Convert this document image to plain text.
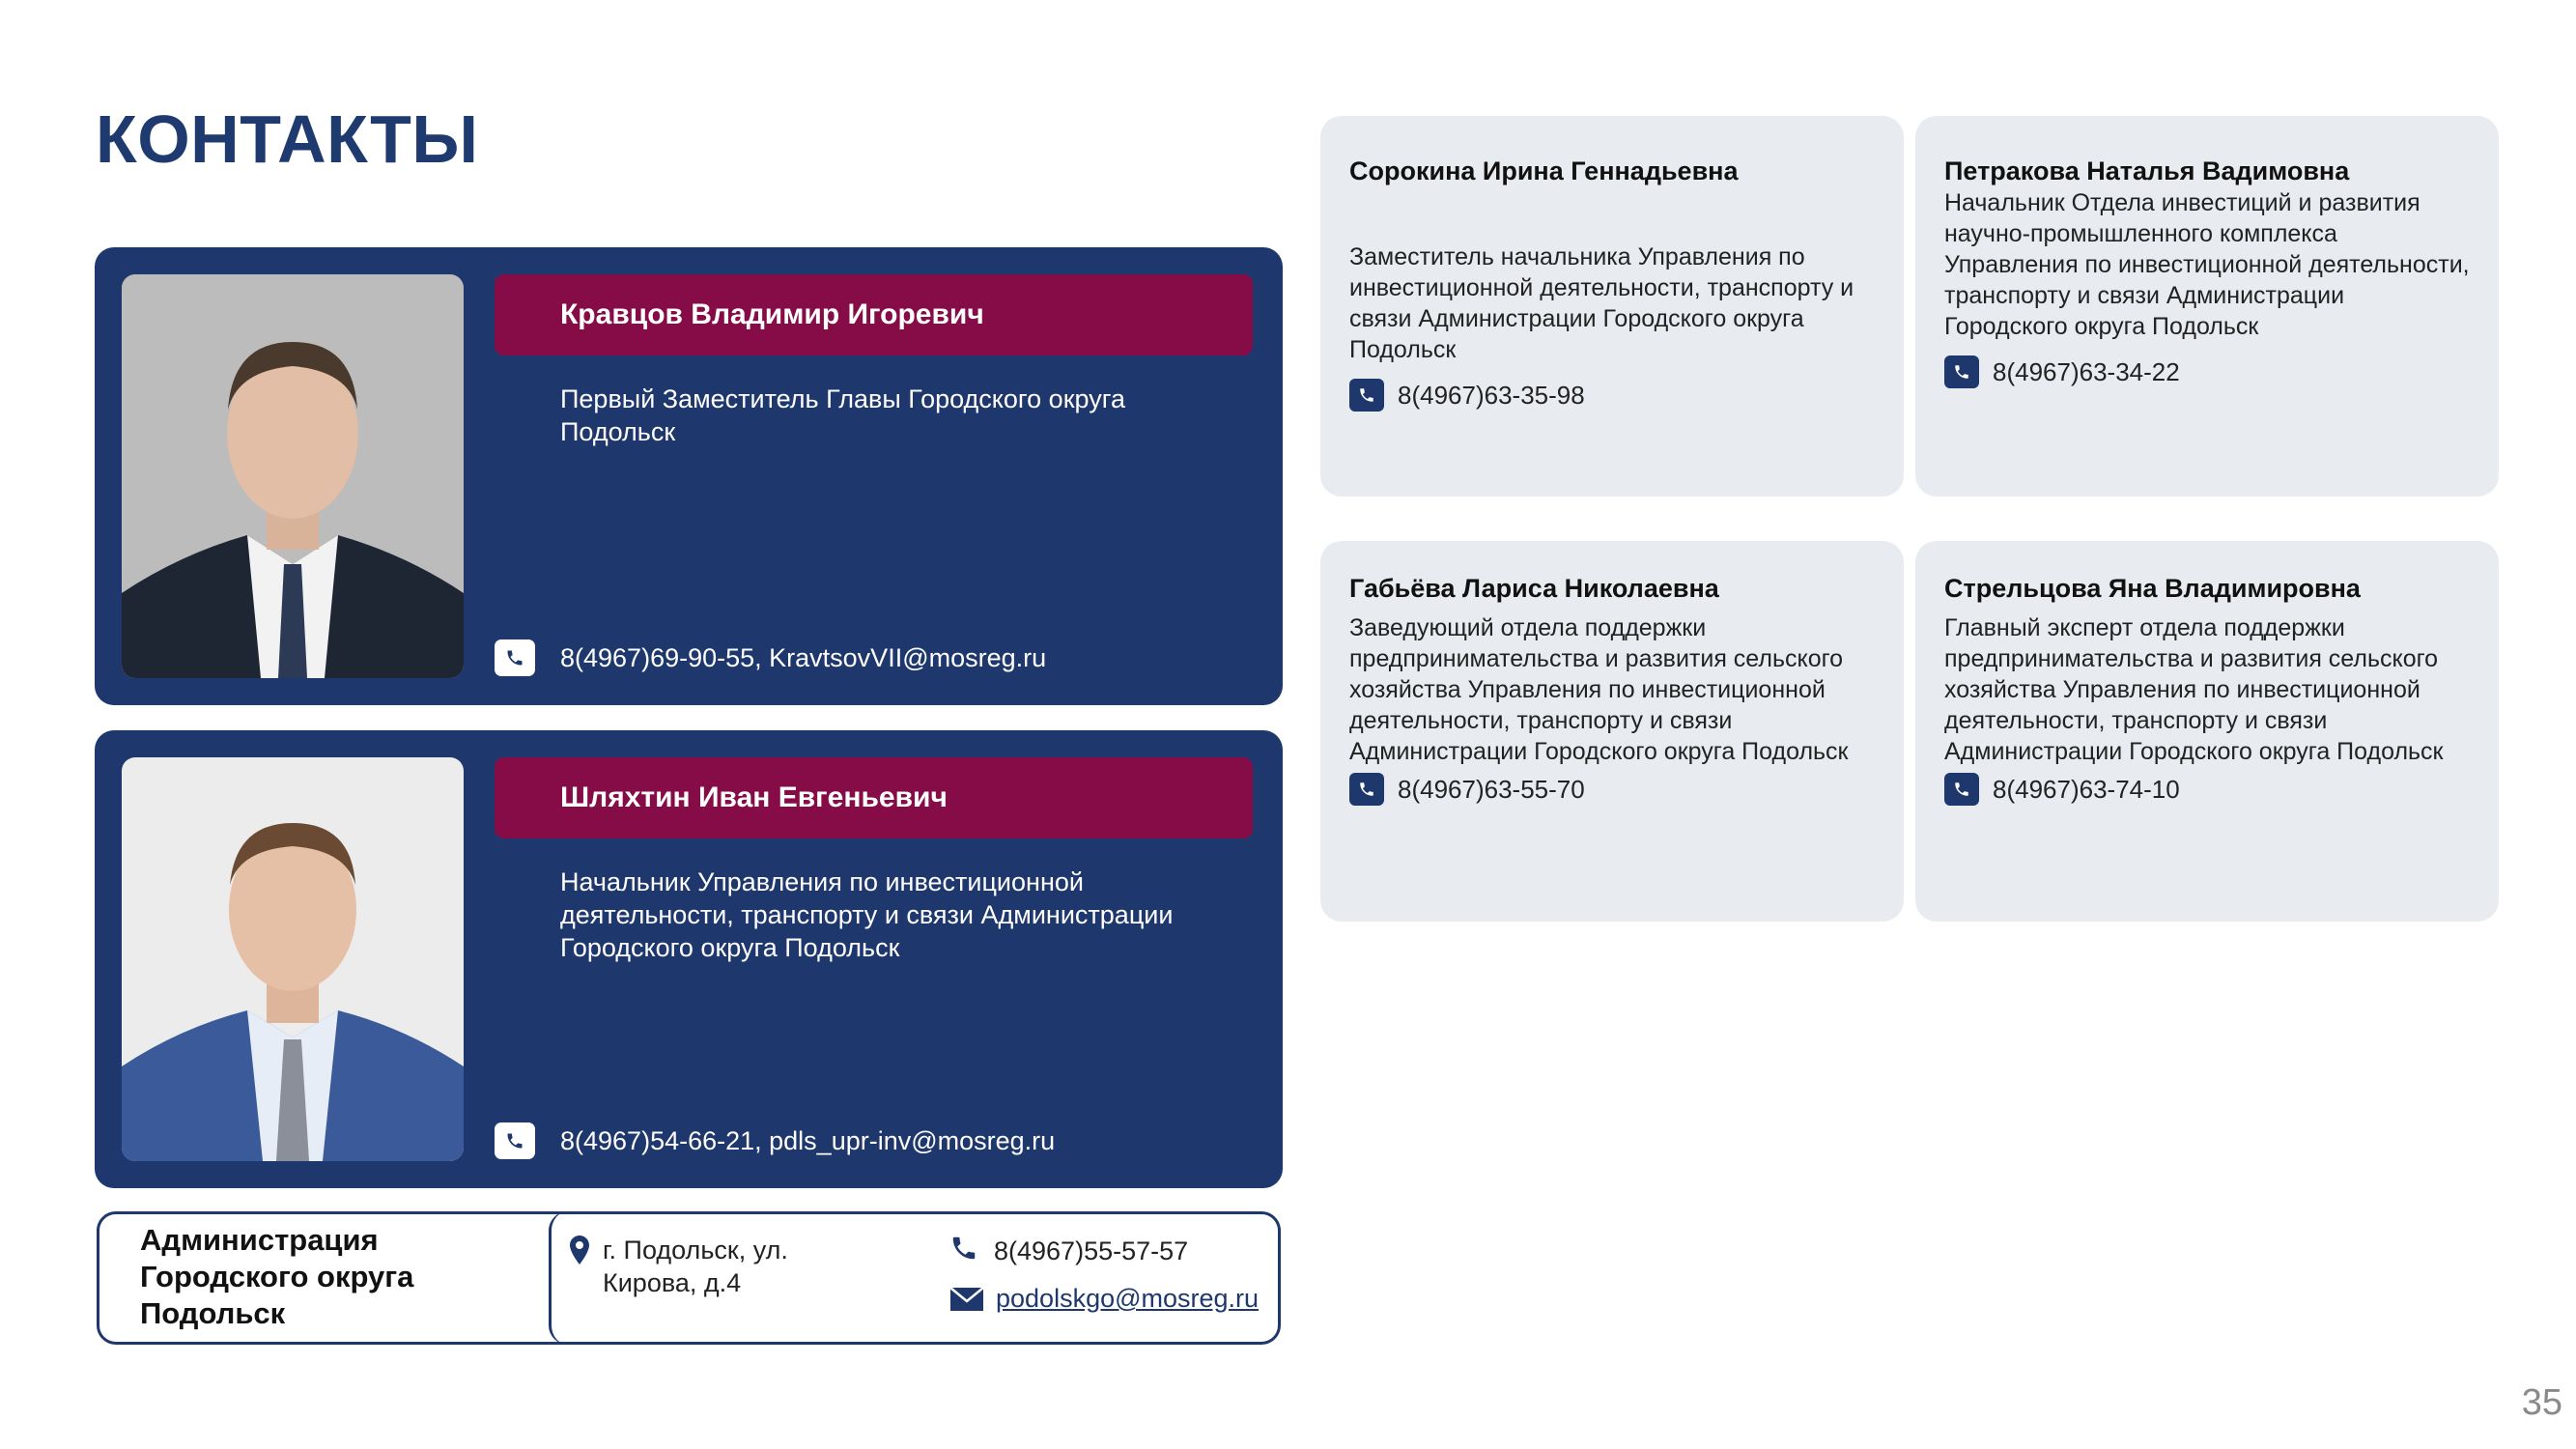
КОНТАКТЫ
Кравцов Владимир Игоревич
Первый Заместитель Главы Городского округа Подольск
8(4967)69-90-55, KravtsovVII@mosreg.ru
Шляхтин Иван Евгеньевич
Начальник Управления по инвестиционной деятельности, транспорту и связи Администрации Городского округа Подольск
8(4967)54-66-21, pdls_upr-inv@mosreg.ru
Сорокина Ирина Геннадьевна
Заместитель начальника Управления по инвестиционной деятельности, транспорту и связи Администрации Городского округа Подольск
8(4967)63-35-98
Петракова Наталья Вадимовна
Начальник Отдела инвестиций и развития научно-промышленного комплекса Управления по инвестиционной деятельности, транспорту и связи Администрации Городского округа Подольск
8(4967)63-34-22
Габьёва Лариса Николаевна
Заведующий отдела поддержки предпринимательства и развития сельского хозяйства Управления по инвестиционной деятельности, транспорту и связи Администрации Городского округа Подольск
8(4967)63-55-70
Стрельцова Яна Владимировна
Главный эксперт отдела поддержки предпринимательства и развития сельского хозяйства Управления по инвестиционной деятельности, транспорту и связи Администрации Городского округа Подольск
8(4967)63-74-10
Администрация Городского округа Подольск
г. Подольск, ул. Кирова, д.4
8(4967)55-57-57
podolskgo@mosreg.ru
35
